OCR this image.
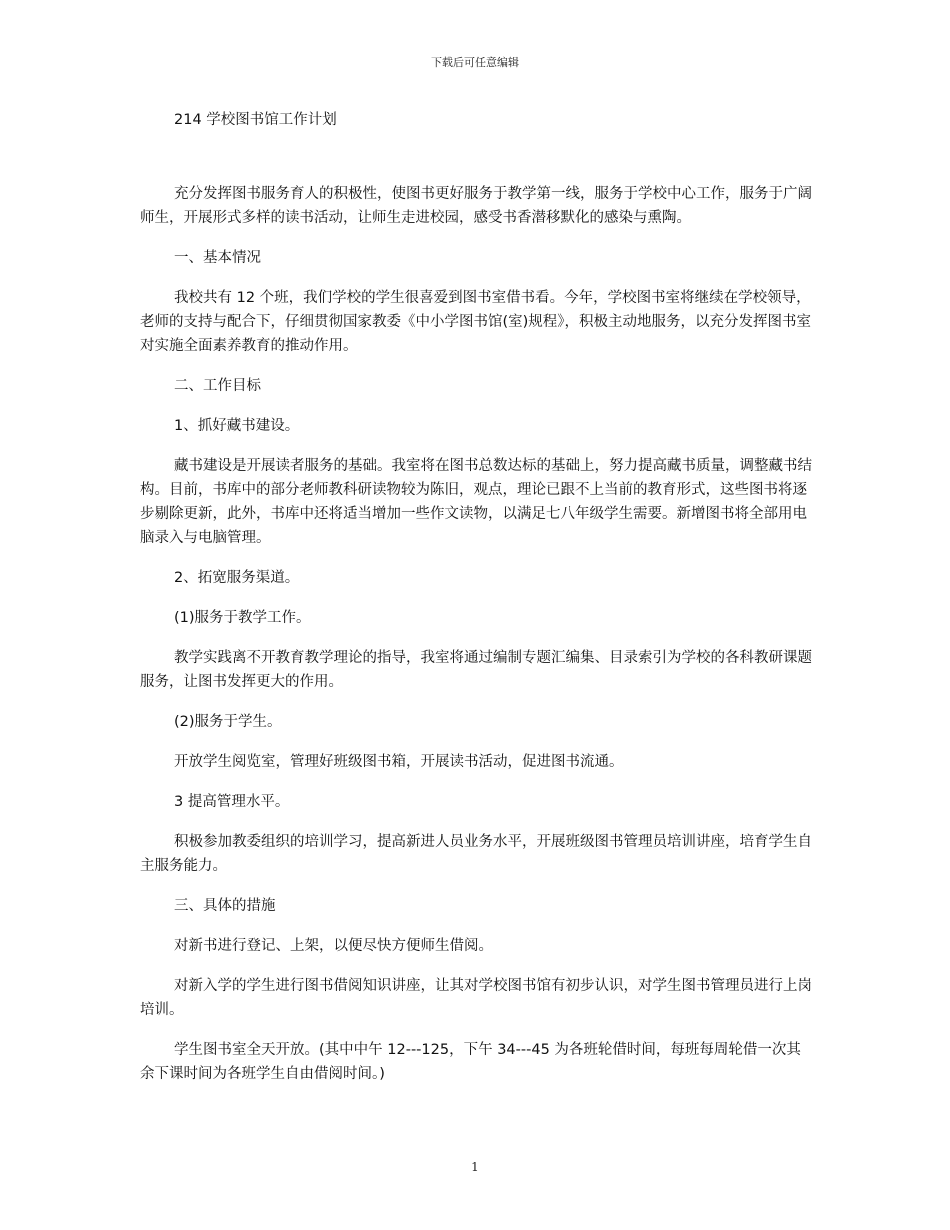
下载后可任意编辑

214 学校图书馆工作计划

充分发挥图书服务育人的积极性，使图书更好服务于教学第一线，服务于学校中心工作，服务于广阔师生，开展形式多样的读书活动，让师生走进校园，感受书香潜移默化的感染与熏陶。

一、基本情况

我校共有 12 个班，我们学校的学生很喜爱到图书室借书看。今年，学校图书室将继续在学校领导，老师的支持与配合下，仔细贯彻国家教委《中小学图书馆(室)规程》，积极主动地服务，以充分发挥图书室对实施全面素养教育的推动作用。

二、工作目标

1、抓好藏书建设。

藏书建设是开展读者服务的基础。我室将在图书总数达标的基础上，努力提高藏书质量，调整藏书结构。目前，书库中的部分老师教科研读物较为陈旧，观点，理论已跟不上当前的教育形式，这些图书将逐步剔除更新，此外，书库中还将适当增加一些作文读物，以满足七八年级学生需要。新增图书将全部用电脑录入与电脑管理。

2、拓宽服务渠道。

(1)服务于教学工作。

教学实践离不开教育教学理论的指导，我室将通过编制专题汇编集、目录索引为学校的各科教研课题服务，让图书发挥更大的作用。

(2)服务于学生。

开放学生阅览室，管理好班级图书箱，开展读书活动，促进图书流通。

3 提高管理水平。

积极参加教委组织的培训学习，提高新进人员业务水平，开展班级图书管理员培训讲座，培育学生自主服务能力。

三、具体的措施

对新书进行登记、上架，以便尽快方便师生借阅。

对新入学的学生进行图书借阅知识讲座，让其对学校图书馆有初步认识，对学生图书管理员进行上岗培训。

学生图书室全天开放。(其中中午 12---125，下午 34---45 为各班轮借时间，每班每周轮借一次其余下课时间为各班学生自由借阅时间。)

1
